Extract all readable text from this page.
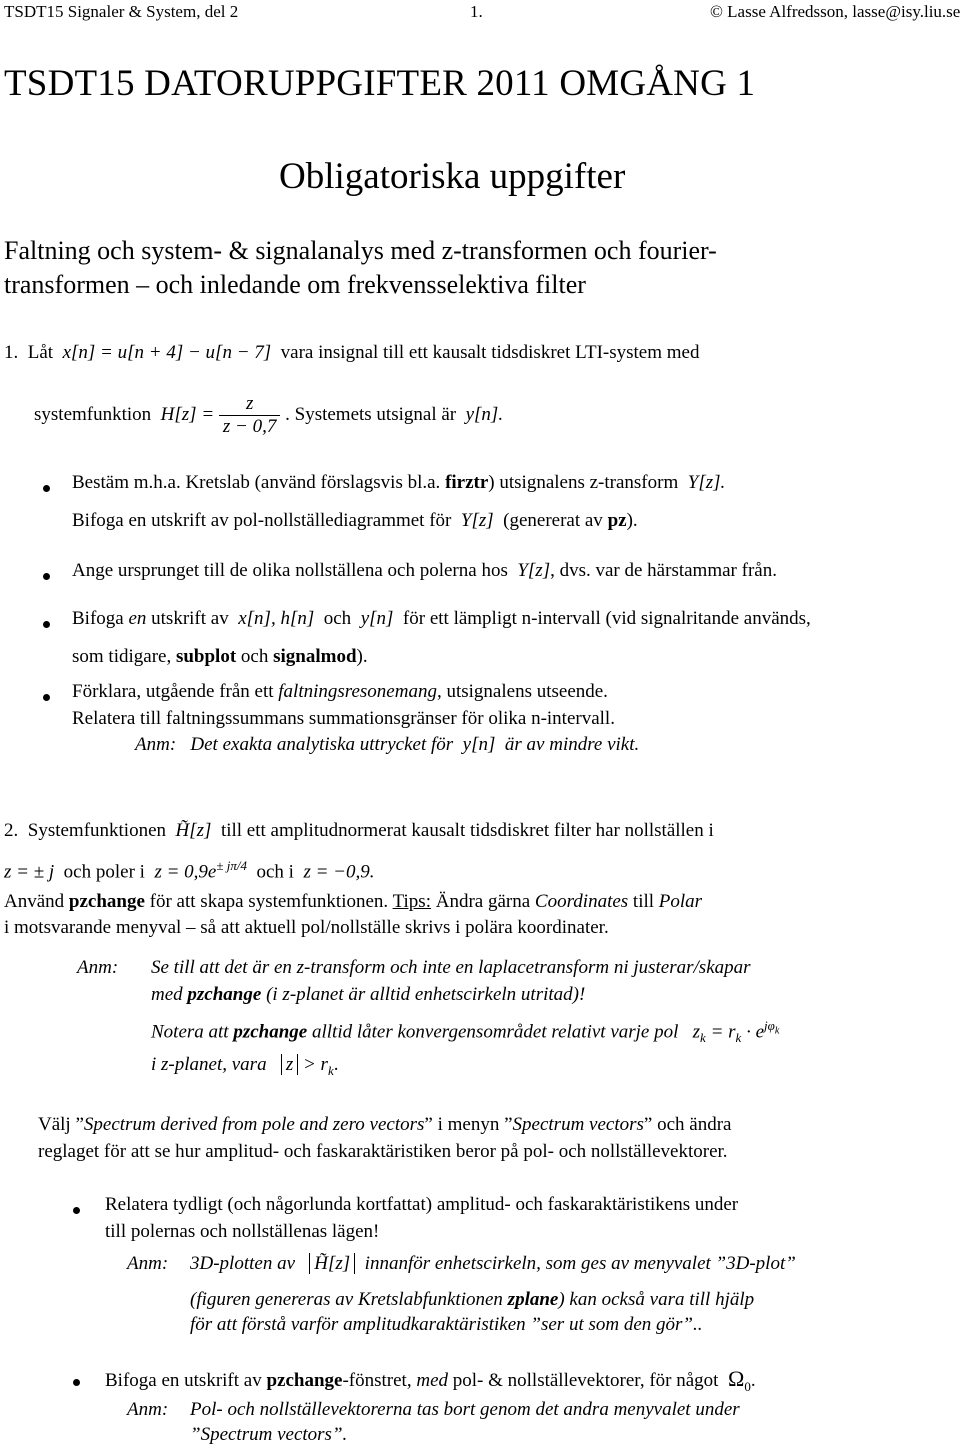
TSDT15 Signaler & System, del 2	1.	© Lasse Alfredsson, lasse@isy.liu.se
TSDT15 DATORUPPGIFTER 2011 OMGÅNG 1
Obligatoriska uppgifter
Faltning och system- & signalanalys med z-transformen och fourier-
transformen – och inledande om frekvensselektiva filter
1. Låt x[n] = u[n + 4] − u[n − 7] vara insignal till ett kausalt tidsdiskret LTI-system med
systemfunktion $H[z] = \frac{z}{z - 0,7}$ . Systemets utsignal är y[n].
Bestäm m.h.a. Kretslab (använd förslagsvis bl.a. firztr) utsignalens z-transform Y[z].
Bifoga en utskrift av pol-nollställediagrammet för Y[z] (genererat av pz).
Ange ursprunget till de olika nollställena och polerna hos Y[z], dvs. var de härstammar från.
Bifoga en utskrift av x[n], h[n] och y[n] för ett lämpligt n-intervall (vid signalritande används,
som tidigare, subplot och signalmod).
Förklara, utgående från ett faltningsresonemang, utsignalens utseende.
Relatera till faltningssummans summationsgränser för olika n-intervall.
Anm: Det exakta analytiska uttrycket för y[n] är av mindre vikt.
2. Systemfunktionen H̃[z] till ett amplitudnormerat kausalt tidsdiskret filter har nollställen i
z = ± j och poler i $z = 0,9e^{\pm j\pi/4}$ och i z = −0,9.
Använd pzchange för att skapa systemfunktionen. Tips: Ändra gärna Coordinates till Polar
i motsvarande menyval – så att aktuell pol/nollställe skrivs i polära koordinater.
Anm: Se till att det är en z-transform och inte en laplacetransform ni justerar/skapar
med pzchange (i z-planet är alltid enhetscirkeln utritad)!
Notera att pzchange alltid låter konvergensområdet relativt varje pol $z_k = r_k \cdot e^{j\varphi_k}$
i z-planet, vara $z > r_k$.
Välj ”Spectrum derived from pole and zero vectors” i menyn ”Spectrum vectors” och ändra
reglaget för att se hur amplitud- och faskaraktäristiken beror på pol- och nollställevektorer.
Relatera tydligt (och någorlunda kortfattat) amplitud- och faskaraktäristikens under
till polernas och nollställenas lägen!
Anm: 3D-plotten av H̃[z] innanför enhetscirkeln, som ges av menyvalet ”3D-plot”
(figuren genereras av Kretslabfunktionen zplane) kan också vara till hjälp
för att förstå varför amplitudkaraktäristiken ”ser ut som den gör”..
Bifoga en utskrift av pzchange-fönstret, med pol- & nollställevektorer, för något $\Omega_0$.
Anm: Pol- och nollställevektorerna tas bort genom det andra menyvalet under
”Spectrum vectors”.
